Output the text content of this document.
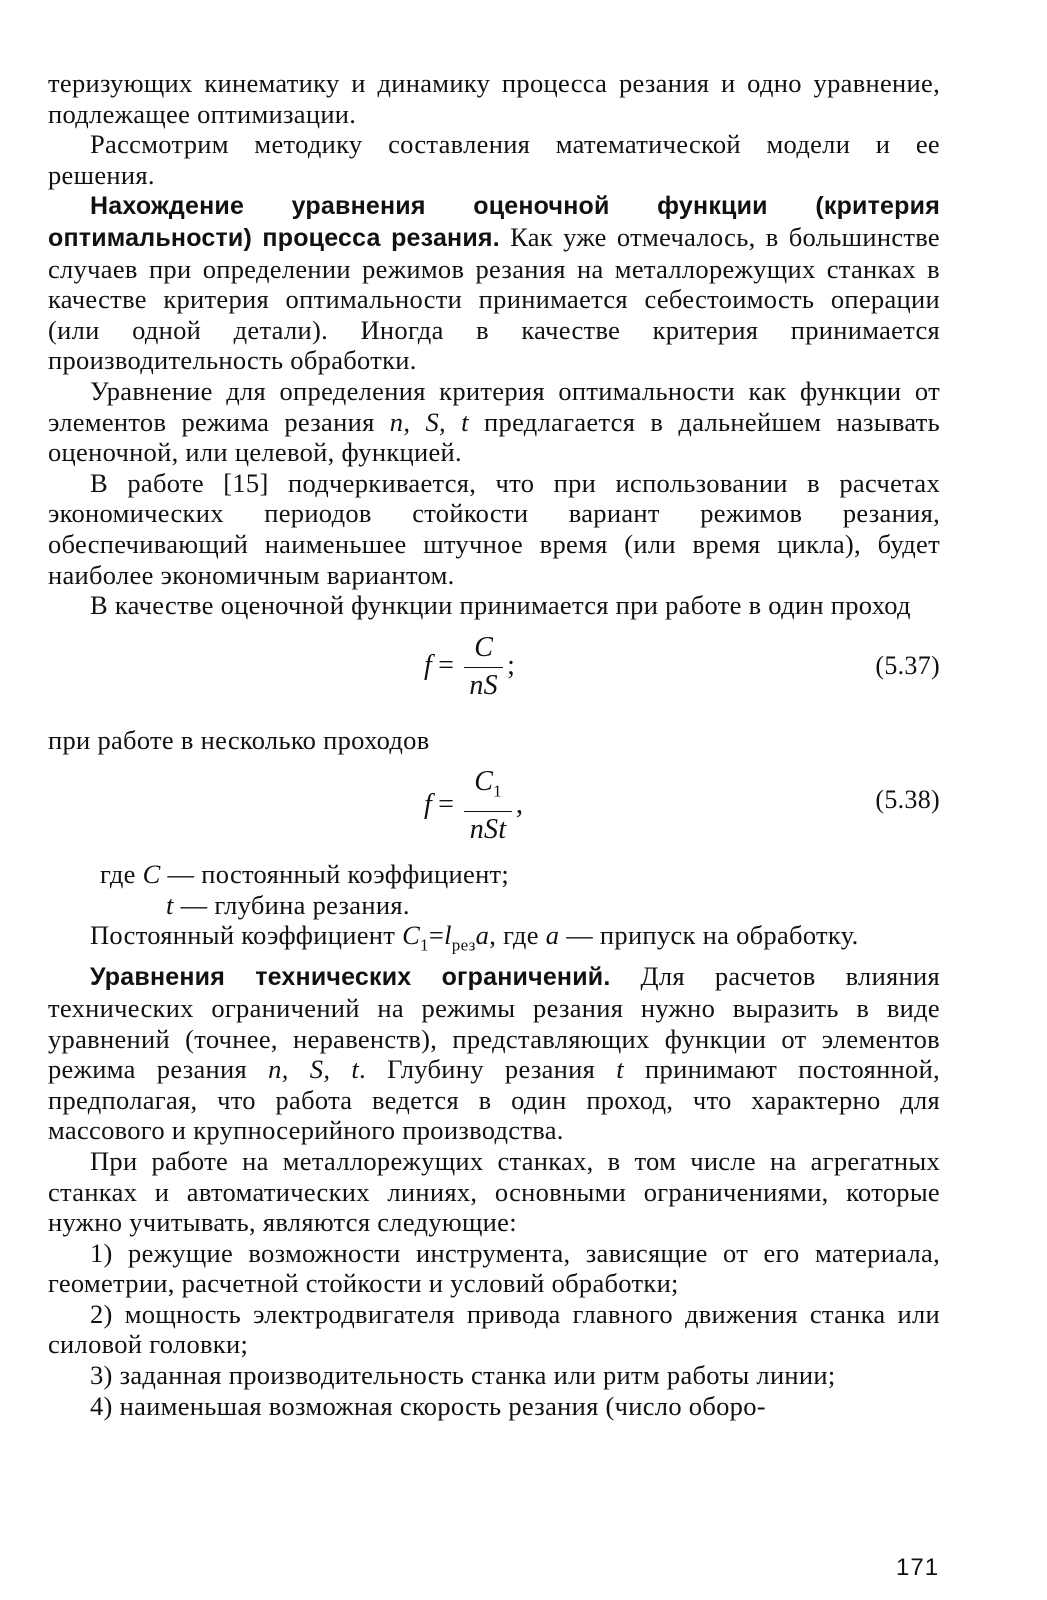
теризующих кинематику и динамику процесса резания и одно уравнение, подлежащее оптимизации.

Рассмотрим методику составления математической модели и ее решения.

Нахождение уравнения оценочной функции (критерия оптимальности) процесса резания. Как уже отмечалось, в большинстве случаев при определении режимов резания на металлорежущих станках в качестве критерия оптимальности принимается себестоимость операции (или одной детали). Иногда в качестве критерия принимается производительность обработки.

Уравнение для определения критерия оптимальности как функции от элементов режима резания n, S, t предлагается в дальнейшем называть оценочной, или целевой, функцией.

В работе [15] подчеркивается, что при использовании в расчетах экономических периодов стойкости вариант режимов резания, обеспечивающий наименьшее штучное время (или время цикла), будет наиболее экономичным вариантом.

В качестве оценочной функции принимается при работе в один проход

$f = \frac{C}{nS}$ ;	(5.37)

при работе в несколько проходов

$f = \frac{C_1}{\text{nSt}}$ ,	(5.38)

где C — постоянный коэффициент;

t — глубина резания.

Постоянный коэффициент $C_1=l_{рез}a$, где a — припуск на обработку.

Уравнения технических ограничений. Для расчетов влияния технических ограничений на режимы резания нужно выразить в виде уравнений (точнее, неравенств), представляющих функции от элементов режима резания n, S, t. Глубину резания t принимают постоянной, предполагая, что работа ведется в один проход, что характерно для массового и крупносерийного производства.

При работе на металлорежущих станках, в том числе на агрегатных станках и автоматических линиях, основными ограничениями, которые нужно учитывать, являются следующие:

1) режущие возможности инструмента, зависящие от его материала, геометрии, расчетной стойкости и условий обработки;

2) мощность электродвигателя привода главного движения станка или силовой головки;

3) заданная производительность станка или ритм работы линии;

4) наименьшая возможная скорость резания (число оборо-

171
